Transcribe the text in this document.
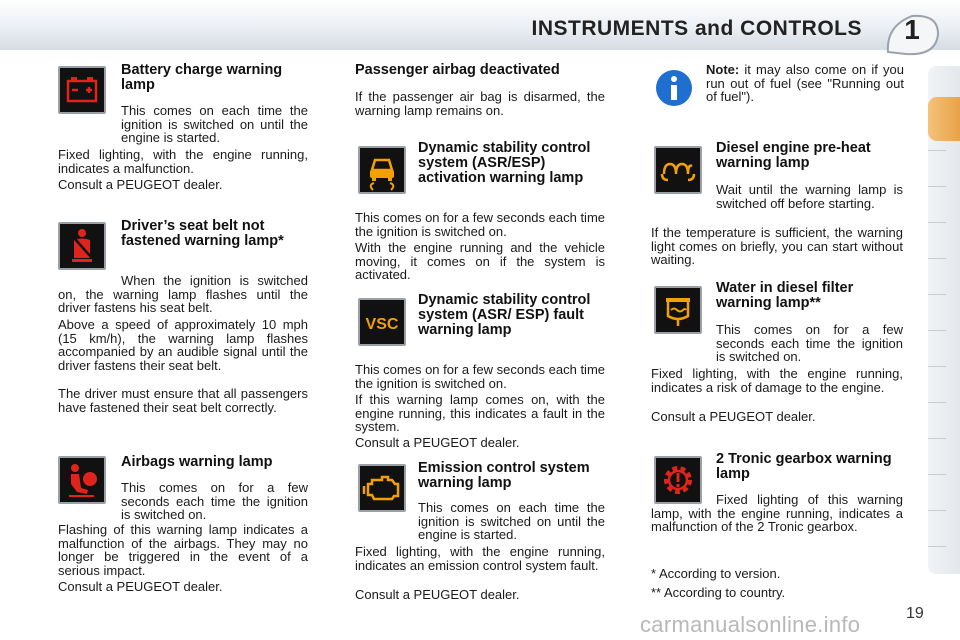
INSTRUMENTS and CONTROLS	1
Battery charge warning lamp
This comes on each time the ignition is switched on until the engine is started.
Fixed lighting, with the engine running, indicates a malfunction.
Consult a PEUGEOT dealer.
Driver’s seat belt not fastened warning lamp*
When the ignition is switched on, the warning lamp flashes until the driver fastens his seat belt.
Above a speed of approximately 10 mph (15 km/h), the warning lamp flashes accompanied by an audible signal until the driver fastens their seat belt.
The driver must ensure that all passengers have fastened their seat belt correctly.
Airbags warning lamp
This comes on for a few seconds each time the ignition is switched on.
Flashing of this warning lamp indicates a malfunction of the airbags. They may no longer be triggered in the event of a serious impact.
Consult a PEUGEOT dealer.
Passenger airbag deactivated
If the passenger air bag is disarmed, the warning lamp remains on.
Dynamic stability control system (ASR/ESP) activation warning lamp
This comes on for a few seconds each time the ignition is switched on.
With the engine running and the vehicle moving, it comes on if the system is activated.
VSC
Dynamic stability control system (ASR/ ESP) fault warning lamp
This comes on for a few seconds each time the ignition is switched on.
If this warning lamp comes on, with the engine running, this indicates a fault in the system.
Consult a PEUGEOT dealer.
Emission control system warning lamp
This comes on each time the ignition is switched on until the engine is started.
Fixed lighting, with the engine running, indicates an emission control system fault.
Consult a PEUGEOT dealer.
Note: it may also come on if you run out of fuel (see "Running out of fuel").
Diesel engine pre-heat warning lamp
Wait until the warning lamp is switched off before starting.
If the temperature is sufficient, the warning light comes on briefly, you can start without waiting.
Water in diesel filter warning lamp**
This comes on for a few seconds each time the ignition is switched on.
Fixed lighting, with the engine running, indicates a risk of damage to the engine.
Consult a PEUGEOT dealer.
2 Tronic gearbox warning lamp
Fixed lighting of this warning lamp, with the engine running, indicates a malfunction of the 2 Tronic gearbox.
* According to version.
** According to country.
carmanualsonline.info	19
